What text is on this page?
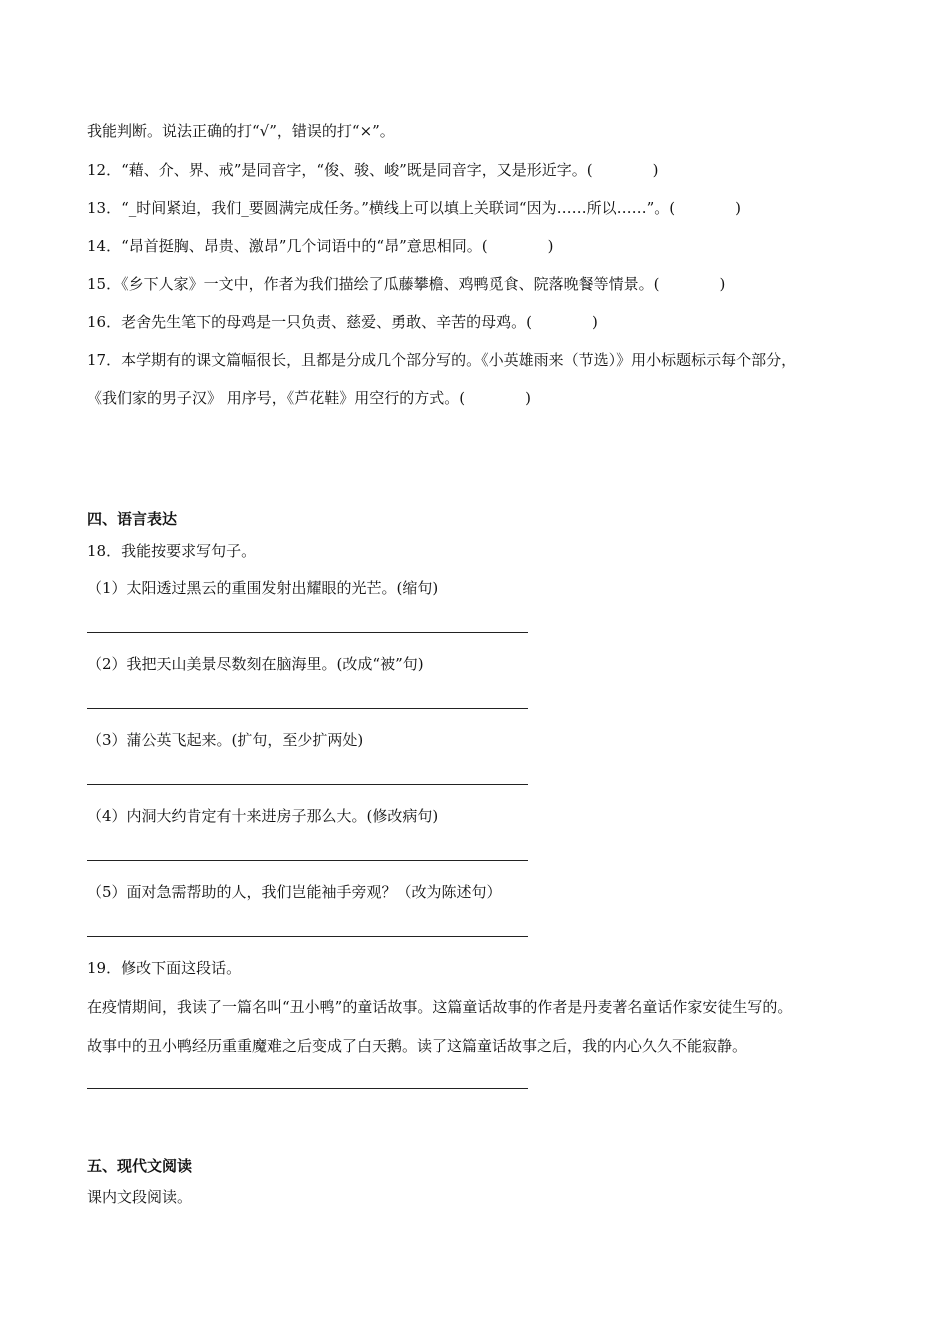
我能判断。说法正确的打“√”，错误的打“×”。
12．“藉、介、界、戒”是同音字，“俊、骏、峻”既是同音字，又是形近字。(　　　　)
13．“_时间紧迫，我们_要圆满完成任务。”横线上可以填上关联词“因为……所以……”。(　　　　)
14．“昂首挺胸、昂贵、激昂”几个词语中的“昂”意思相同。(　　　　)
15．《乡下人家》一文中，作者为我们描绘了瓜藤攀檐、鸡鸭觅食、院落晚餐等情景。(　　　　)
16．老舍先生笔下的母鸡是一只负责、慈爱、勇敢、辛苦的母鸡。(　　　　)
17．本学期有的课文篇幅很长，且都是分成几个部分写的。《小英雄雨来（节选）》用小标题标示每个部分，
《我们家的男子汉》 用序号，《芦花鞋》用空行的方式。(　　　　)
四、语言表达
18．我能按要求写句子。
（1）太阳透过黑云的重围发射出耀眼的光芒。(缩句)
（2）我把天山美景尽数刻在脑海里。(改成“被”句)
（3）蒲公英飞起来。(扩句，至少扩两处)
（4）内洞大约肯定有十来进房子那么大。(修改病句)
（5）面对急需帮助的人，我们岂能袖手旁观？（改为陈述句）
19．修改下面这段话。
在疫情期间，我读了一篇名叫“丑小鸭”的童话故事。这篇童话故事的作者是丹麦著名童话作家安徒生写的。
故事中的丑小鸭经历重重魔难之后变成了白天鹅。读了这篇童话故事之后，我的内心久久不能寂静。
五、现代文阅读
课内文段阅读。
